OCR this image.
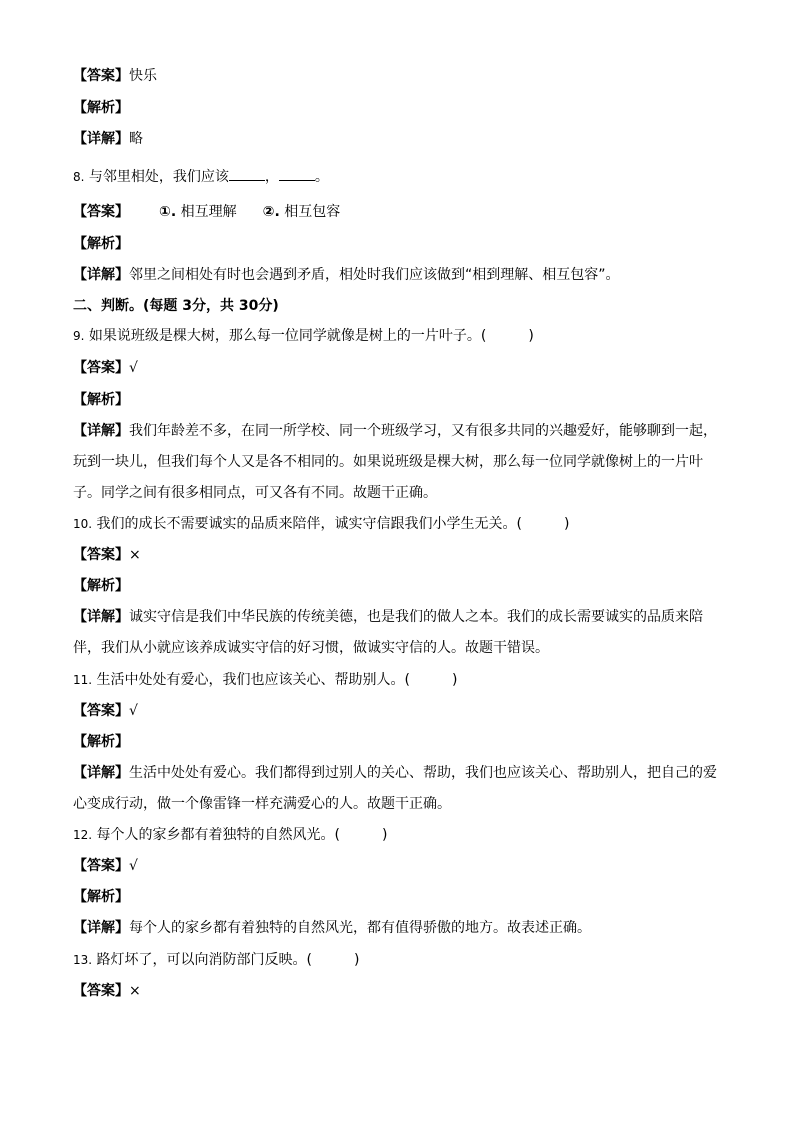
【答案】快乐
【解析】
【详解】略
8. 与邻里相处，我们应该	，	。
【答案】 ①. 相互理解 ②. 相互包容
【解析】
【详解】邻里之间相处有时也会遇到矛盾，相处时我们应该做到“相到理解、相互包容”。
二、判断。(每题 3分，共 30分)
9. 如果说班级是棵大树，那么每一位同学就像是树上的一片叶子。(	)
【答案】√
【解析】
【详解】我们年龄差不多，在同一所学校、同一个班级学习，又有很多共同的兴趣爱好，能够聊到一起，
玩到一块儿，但我们每个人又是各不相同的。如果说班级是棵大树，那么每一位同学就像树上的一片叶
子。同学之间有很多相同点，可又各有不同。故题干正确。
10. 我们的成长不需要诚实的品质来陪伴，诚实守信跟我们小学生无关。(	)
【答案】×
【解析】
【详解】诚实守信是我们中华民族的传统美德，也是我们的做人之本。我们的成长需要诚实的品质来陪
伴，我们从小就应该养成诚实守信的好习惯，做诚实守信的人。故题干错误。
11. 生活中处处有爱心，我们也应该关心、帮助别人。(	)
【答案】√
【解析】
【详解】生活中处处有爱心。我们都得到过别人的关心、帮助，我们也应该关心、帮助别人，把自己的爱
心变成行动，做一个像雷锋一样充满爱心的人。故题干正确。
12. 每个人的家乡都有着独特的自然风光。(	)
【答案】√
【解析】
【详解】每个人的家乡都有着独特的自然风光，都有值得骄傲的地方。故表述正确。
13. 路灯坏了，可以向消防部门反映。(	)
【答案】×
